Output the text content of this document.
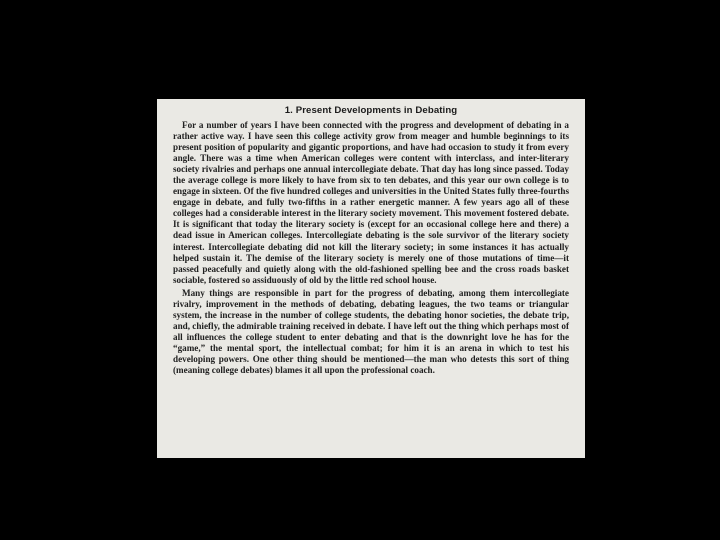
1. Present Developments in Debating

For a number of years I have been connected with the progress and development of debating in a rather active way. I have seen this college activity grow from meager and humble beginnings to its present position of popularity and gigantic proportions, and have had occasion to study it from every angle. There was a time when American colleges were content with interclass, and inter-literary society rivalries and perhaps one annual intercollegiate debate. That day has long since passed. Today the average college is more likely to have from six to ten debates, and this year our own college is to engage in sixteen. Of the five hundred colleges and universities in the United States fully three-fourths engage in debate, and fully two-fifths in a rather energetic manner. A few years ago all of these colleges had a considerable interest in the literary society movement. This movement fostered debate. It is significant that today the literary society is (except for an occasional college here and there) a dead issue in American colleges. Intercollegiate debating is the sole survivor of the literary society interest. Intercollegiate debating did not kill the literary society; in some instances it has actually helped sustain it. The demise of the literary society is merely one of those mutations of time—it passed peacefully and quietly along with the old-fashioned spelling bee and the cross roads basket sociable, fostered so assiduously of old by the little red school house.

Many things are responsible in part for the progress of debating, among them intercollegiate rivalry, improvement in the methods of debating, debating leagues, the two teams or triangular system, the increase in the number of college students, the debating honor societies, the debate trip, and, chiefly, the admirable training received in debate. I have left out the thing which perhaps most of all influences the college student to enter debating and that is the downright love he has for the “game,” the mental sport, the intellectual combat; for him it is an arena in which to test his developing powers. One other thing should be mentioned—the man who detests this sort of thing (meaning college debates) blames it all upon the professional coach.
